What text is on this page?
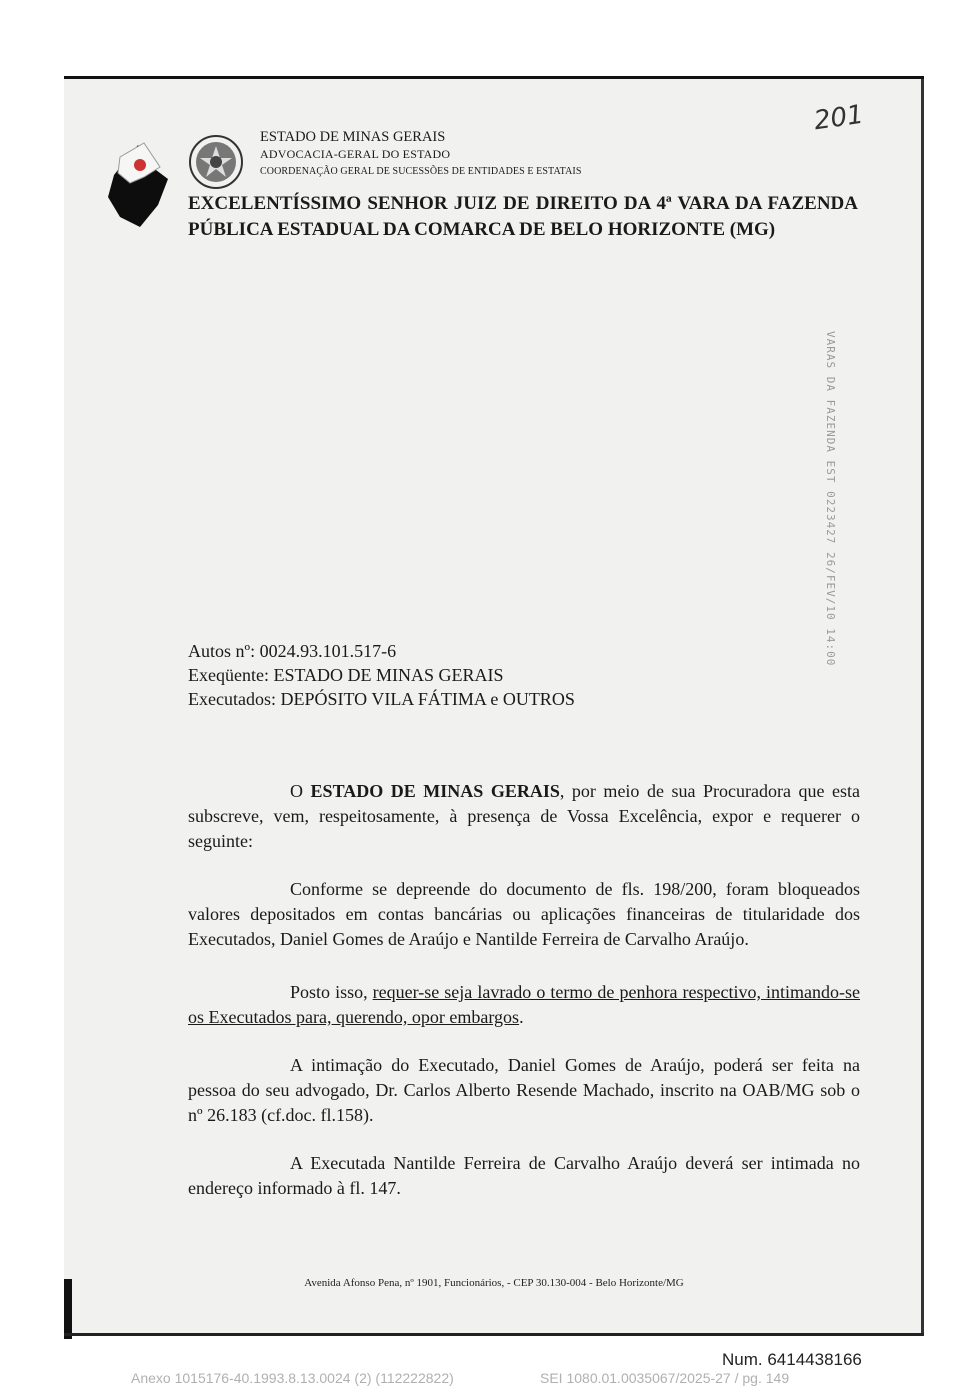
ESTADO DE MINAS GERAIS
ADVOCACIA-GERAL DO ESTADO
COORDENAÇÃO GERAL DE SUCESSÕES DE ENTIDADES E ESTATAIS
201
EXCELENTÍSSIMO SENHOR JUIZ DE DIREITO DA 4ª VARA DA FAZENDA PÚBLICA ESTADUAL DA COMARCA DE BELO HORIZONTE (MG)
VARAS DA FAZENDA EST 0223427 26/FEV/10 14:00
Autos nº: 0024.93.101.517-6
Exeqüente: ESTADO DE MINAS GERAIS
Executados: DEPÓSITO VILA FÁTIMA e OUTROS

O ESTADO DE MINAS GERAIS, por meio de sua Procuradora que esta subscreve, vem, respeitosamente, à presença de Vossa Excelência, expor e requerer o seguinte:

Conforme se depreende do documento de fls. 198/200, foram bloqueados valores depositados em contas bancárias ou aplicações financeiras de titularidade dos Executados, Daniel Gomes de Araújo e Nantilde Ferreira de Carvalho Araújo.

Posto isso, requer-se seja lavrado o termo de penhora respectivo, intimando-se os Executados para, querendo, opor embargos.

A intimação do Executado, Daniel Gomes de Araújo, poderá ser feita na pessoa do seu advogado, Dr. Carlos Alberto Resende Machado, inscrito na OAB/MG sob o nº 26.183 (cf.doc. fl.158).

A Executada Nantilde Ferreira de Carvalho Araújo deverá ser intimada no endereço informado à fl. 147.

Avenida Afonso Pena, nº 1901, Funcionários, - CEP 30.130-004 - Belo Horizonte/MG
Num. 6414438166
Anexo 1015176-40.1993.8.13.0024 (2) (112222822)	SEI 1080.01.0035067/2025-27 / pg. 149
